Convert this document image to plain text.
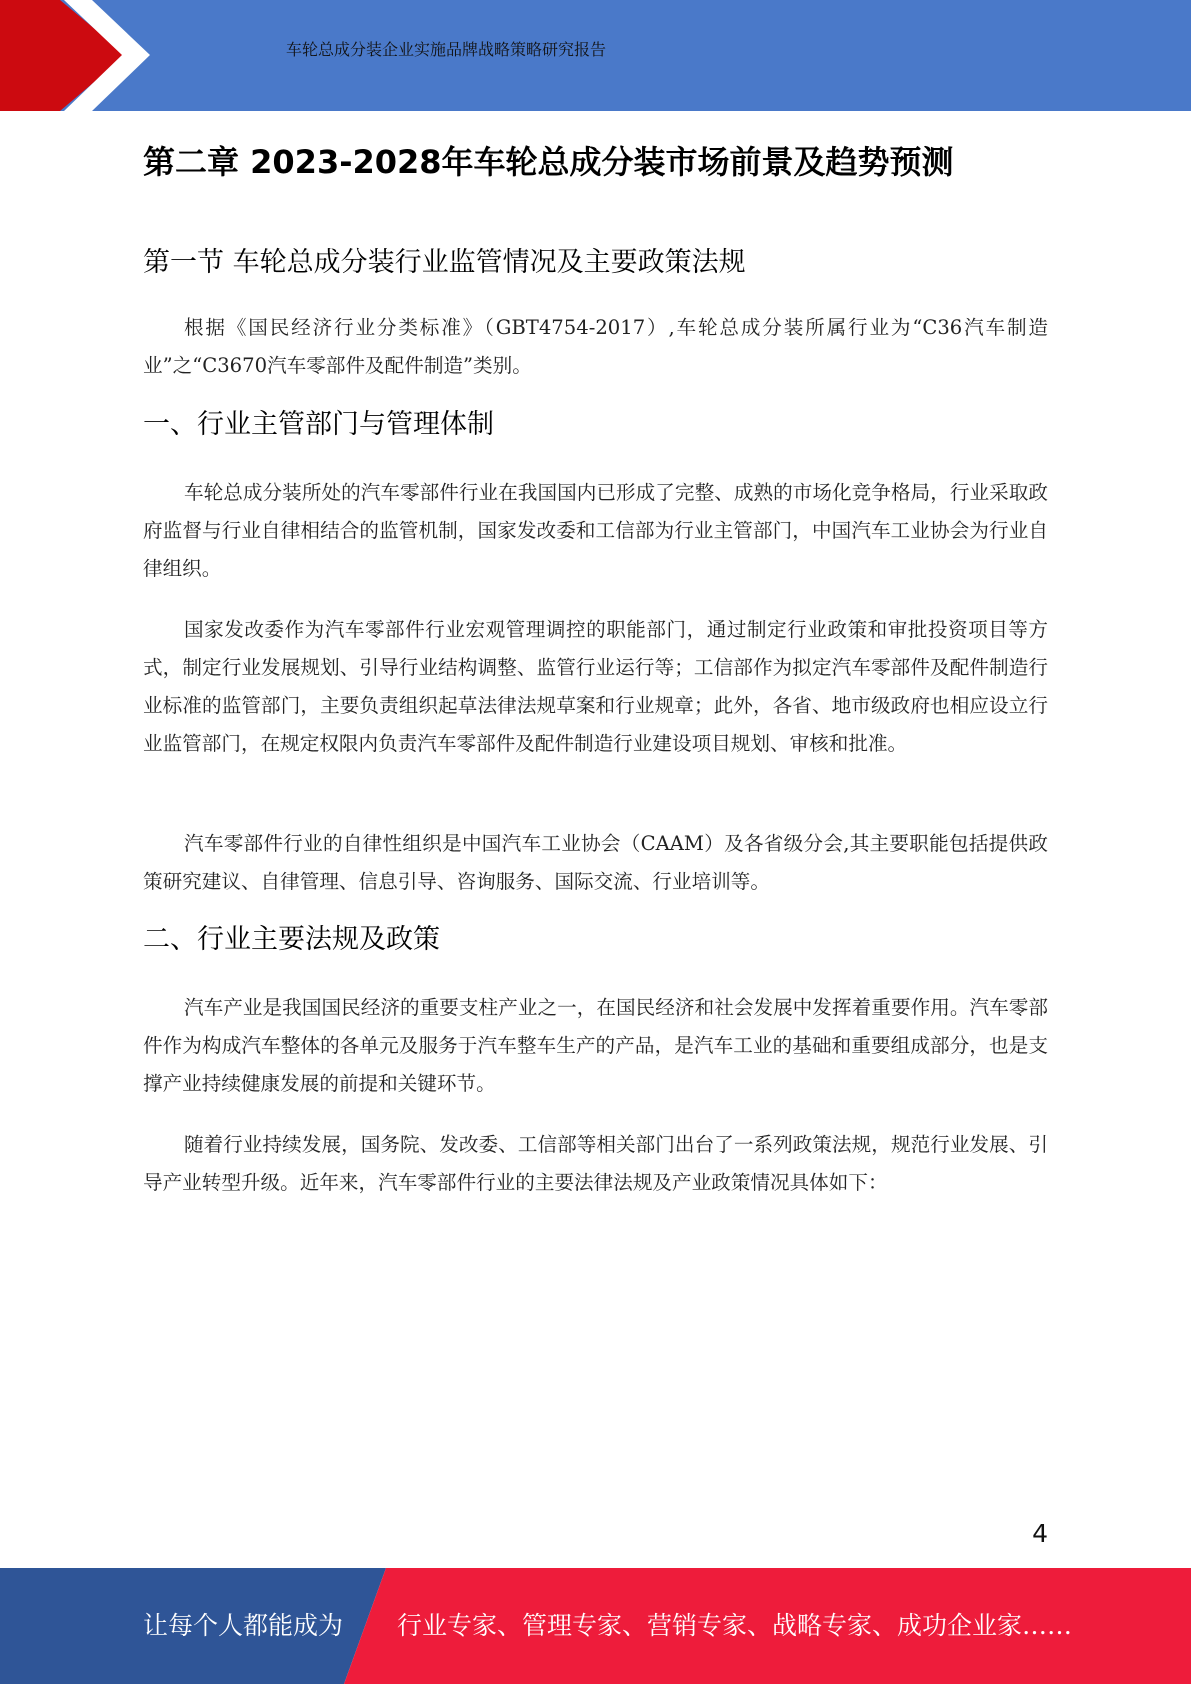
车轮总成分装企业实施品牌战略策略研究报告
第二章 2023-2028年车轮总成分装市场前景及趋势预测
第一节 车轮总成分装行业监管情况及主要政策法规

根据《国民经济行业分类标准》（GBT4754-2017）,车轮总成分装所属行业为“C36汽车制造业”之“C3670汽车零部件及配件制造”类别。

一、行业主管部门与管理体制

车轮总成分装所处的汽车零部件行业在我国国内已形成了完整、成熟的市场化竞争格局，行业采取政府监督与行业自律相结合的监管机制，国家发改委和工信部为行业主管部门，中国汽车工业协会为行业自律组织。

国家发改委作为汽车零部件行业宏观管理调控的职能部门，通过制定行业政策和审批投资项目等方式，制定行业发展规划、引导行业结构调整、监管行业运行等；工信部作为拟定汽车零部件及配件制造行业标准的监管部门，主要负责组织起草法律法规草案和行业规章；此外，各省、地市级政府也相应设立行业监管部门，在规定权限内负责汽车零部件及配件制造行业建设项目规划、审核和批准。

汽车零部件行业的自律性组织是中国汽车工业协会（CAAM）及各省级分会,其主要职能包括提供政策研究建议、自律管理、信息引导、咨询服务、国际交流、行业培训等。

二、行业主要法规及政策

汽车产业是我国国民经济的重要支柱产业之一，在国民经济和社会发展中发挥着重要作用。汽车零部件作为构成汽车整体的各单元及服务于汽车整车生产的产品，是汽车工业的基础和重要组成部分，也是支撑产业持续健康发展的前提和关键环节。

随着行业持续发展，国务院、发改委、工信部等相关部门出台了一系列政策法规，规范行业发展、引导产业转型升级。近年来，汽车零部件行业的主要法律法规及产业政策情况具体如下：

4
让每个人都能成为 行业专家、管理专家、营销专家、战略专家、成功企业家……
